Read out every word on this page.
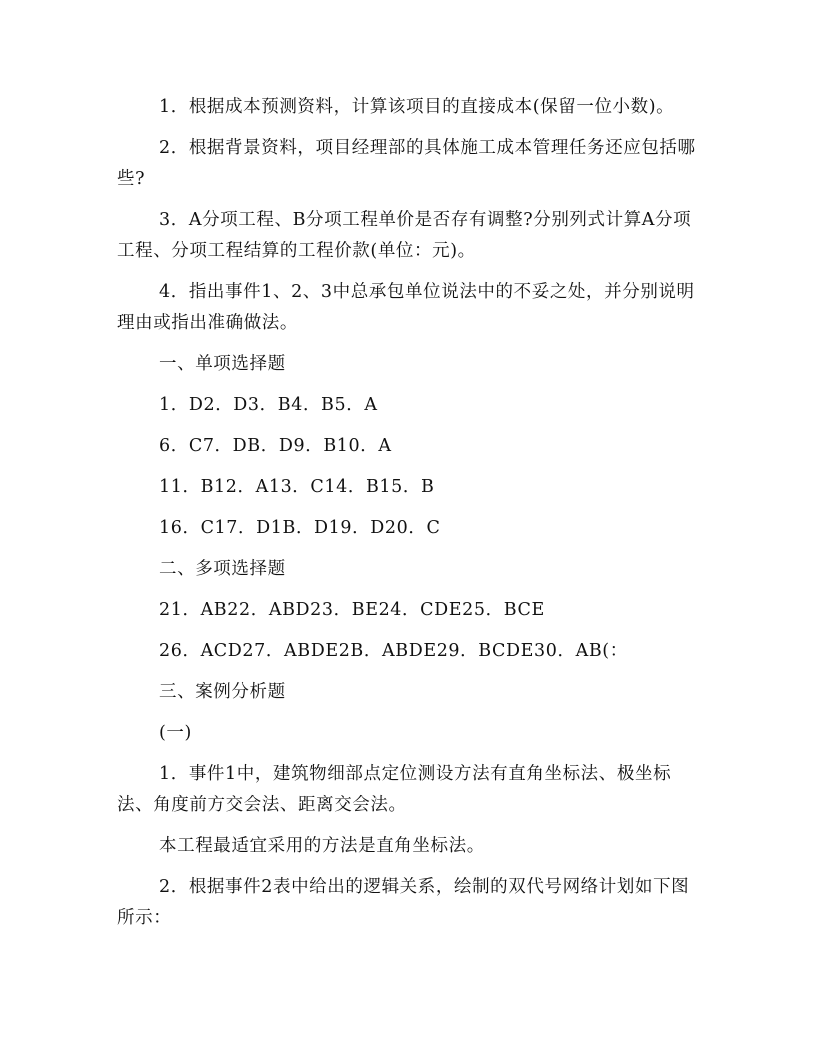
1．根据成本预测资料，计算该项目的直接成本(保留一位小数)。

2．根据背景资料，项目经理部的具体施工成本管理任务还应包括哪些?

3．A分项工程、B分项工程单价是否存有调整?分别列式计算A分项工程、分项工程结算的工程价款(单位：元)。

4．指出事件1、2、3中总承包单位说法中的不妥之处，并分别说明理由或指出准确做法。

一、单项选择题

1．D2．D3．B4．B5．A

6．C7．DB．D9．B10．A

11．B12．A13．C14．B15．B

16．C17．D1B．D19．D20．C

二、多项选择题

21．AB22．ABD23．BE24．CDE25．BCE

26．ACD27．ABDE2B．ABDE29．BCDE30．AB(：

三、案例分析题

(一)

1．事件1中，建筑物细部点定位测设方法有直角坐标法、极坐标法、角度前方交会法、距离交会法。

本工程最适宜采用的方法是直角坐标法。

2．根据事件2表中给出的逻辑关系，绘制的双代号网络计划如下图所示：
